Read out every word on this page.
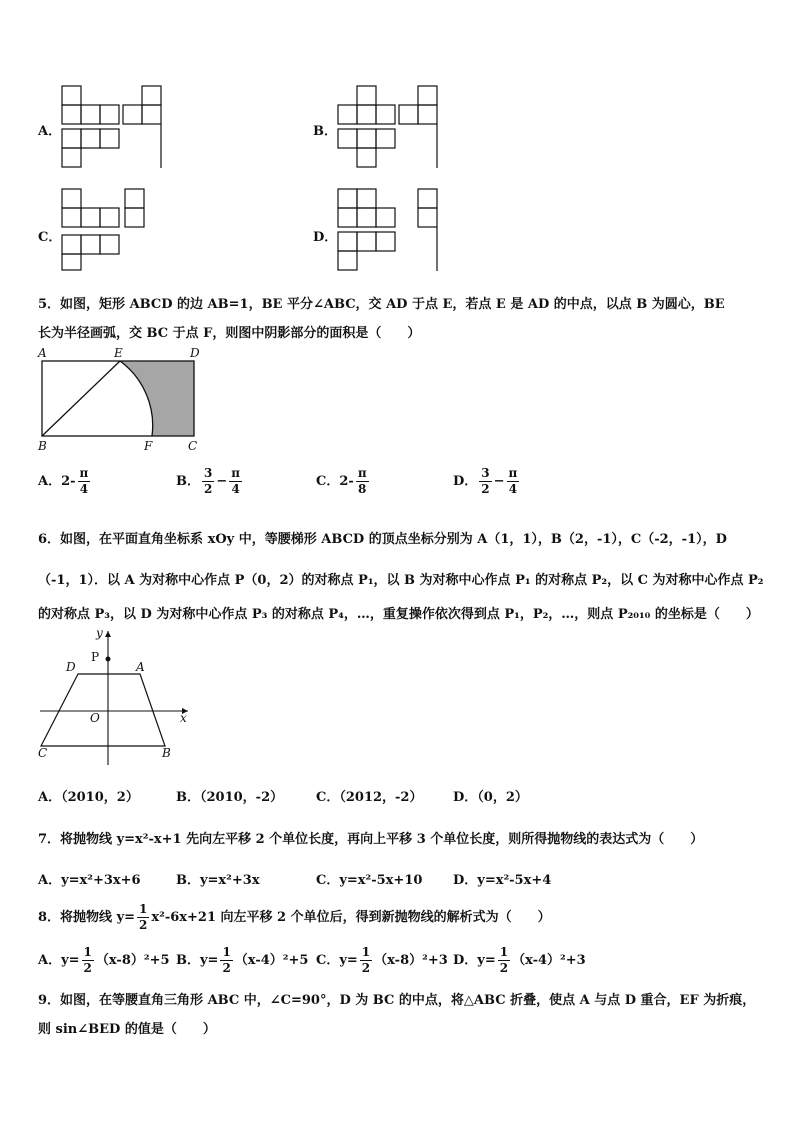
A．	B．
C．	D．
5．如图，矩形 ABCD 的边 AB=1，BE 平分∠ABC，交 AD 于点 E，若点 E 是 AD 的中点，以点 B 为圆心，BE
长为半径画弧，交 BC 于点 F，则图中阴影部分的面积是（　　）
A	E	D
B	F	C
A．$2- \frac{\pi}{4}$	B． $\frac{3}{2} - \frac{\pi}{4}$	C．$2- \frac{\pi}{8}$	D． $\frac{3}{2} - \frac{\pi}{4}$
6．如图，在平面直角坐标系 xOy 中，等腰梯形 ABCD 的顶点坐标分别为 A（1，1），B（2，-1），C（-2，-1），D
（-1，1）．以 A 为对称中心作点 P（0，2）的对称点 P₁，以 B 为对称中心作点 P₁ 的对称点 P₂，以 C 为对称中心作点 P₂
的对称点 P₃，以 D 为对称中心作点 P₃ 的对称点 P₄，…，重复操作依次得到点 P₁，P₂，…，则点 P₂₀₁₀ 的坐标是（　　）
y
P
D	A
O	x
C	B
A．（2010，2）	B．（2010，-2）	C．（2012，-2） D．（0，2）
7．将抛物线 y=x²-x+1 先向左平移 2 个单位长度，再向上平移 3 个单位长度，则所得抛物线的表达式为（　　）
A．y=x²+3x+6	B．y=x²+3x	C．y=x²-5x+10 D．y=x²-5x+4
8．将抛物线 $y= \frac{1}{2} x^2-6x+21$ 向左平移 2 个单位后，得到新抛物线的解析式为（　　）
A．$y= \frac{1}{2} (x-8)^2+5$ B．$y= \frac{1}{2} (x-4)^2+5$ C．$y= \frac{1}{2} (x-8)^2+3$ D．$y= \frac{1}{2} (x-4)^2+3$
9．如图，在等腰直角三角形 ABC 中，∠C=90°，D 为 BC 的中点，将△ABC 折叠，使点 A 与点 D 重合，EF 为折痕，
则 sin∠BED 的值是（　　）
